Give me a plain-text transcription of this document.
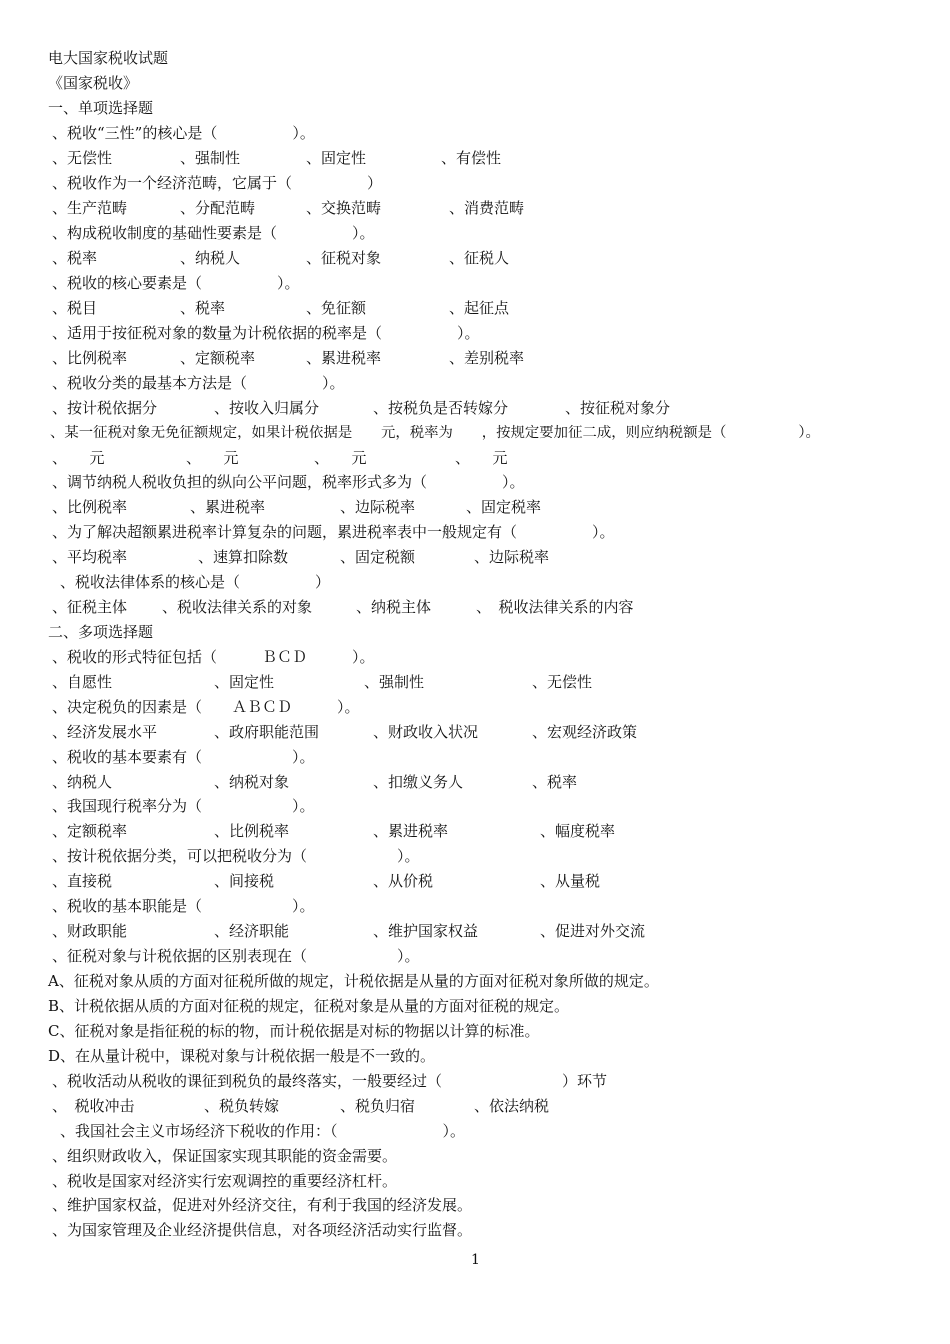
电大国家税收试题
《国家税收》
一、单项选择题
、税收“三性”的核心是（　　　　　）。

、无偿性

	、强制性

	、固定性

	、有偿性

、税收作为一个经济范畴，它属于（　　　　　）

、生产范畴

	、分配范畴

	、交换范畴

	、消费范畴

、构成税收制度的基础性要素是（　　　　　）。

、税率

	、纳税人

	、征税对象

	、征税人

、税收的核心要素是（　　　　　）。

、税目

	、税率

	、免征额

	、起征点

、适用于按征税对象的数量为计税依据的税率是（　　　　　）。

、比例税率

	、定额税率

	、累进税率

	、差别税率

、税收分类的最基本方法是（　　　　　）。

、按计税依据分

	、按收入归属分

	、按税负是否转嫁分

	、按征税对象分

、某一征税对象无免征额规定，如果计税依据是　　元，税率为　　，按规定要加征二成，则应纳税额是（　　　　　）。

、　　元

	、　　元

	、　　元

	、　　元

、调节纳税人税收负担的纵向公平问题，税率形式多为（　　　　　）。

、比例税率

	、累进税率

	、边际税率

	、固定税率

、为了解决超额累进税率计算复杂的问题，累进税率表中一般规定有（　　　　　）。

、平均税率

	、速算扣除数

	、固定税额

	、边际税率

、税收法律体系的核心是（　　　　　）

、征税主体

、税收法律关系的对象

	、纳税主体

	、　税收法律关系的内容

二、多项选择题
、税收的形式特征包括（　　　ＢＣＤ　　　）。

、自愿性

	、固定性

	、强制性

	、无偿性

、决定税负的因素是（　　ＡＢＣＤ　　　）。

、经济发展水平

	、政府职能范围

	、财政收入状况

	、宏观经济政策

、税收的基本要素有（　　　　　　）。

、纳税人

	、纳税对象

	、扣缴义务人

	、税率

、我国现行税率分为（　　　　　　）。

、定额税率

	、比例税率

	、累进税率

	、幅度税率

、按计税依据分类，可以把税收分为（　　　　　　）。

、直接税

	、间接税

	、从价税

	、从量税

、税收的基本职能是（　　　　　　）。

、财政职能

	、经济职能

	、维护国家权益

	、促进对外交流

、征税对象与计税依据的区别表现在（　　　　　　）。
A、征税对象从质的方面对征税所做的规定，计税依据是从量的方面对征税对象所做的规定。
B、计税依据从质的方面对征税的规定，征税对象是从量的方面对征税的规定。
C、征税对象是指征税的标的物，而计税依据是对标的物据以计算的标准。
D、在从量计税中，课税对象与计税依据一般是不一致的。
、税收活动从税收的课征到税负的最终落实，一般要经过（　　　　　　　　）环节

、　税收冲击

	、税负转嫁

	、税负归宿

	、依法纳税

、我国社会主义市场经济下税收的作用：（　　　　　　　）。
、组织财政收入，保证国家实现其职能的资金需要。
、税收是国家对经济实行宏观调控的重要经济杠杆。
、维护国家权益，促进对外经济交往，有利于我国的经济发展。
、为国家管理及企业经济提供信息，对各项经济活动实行监督。
1
